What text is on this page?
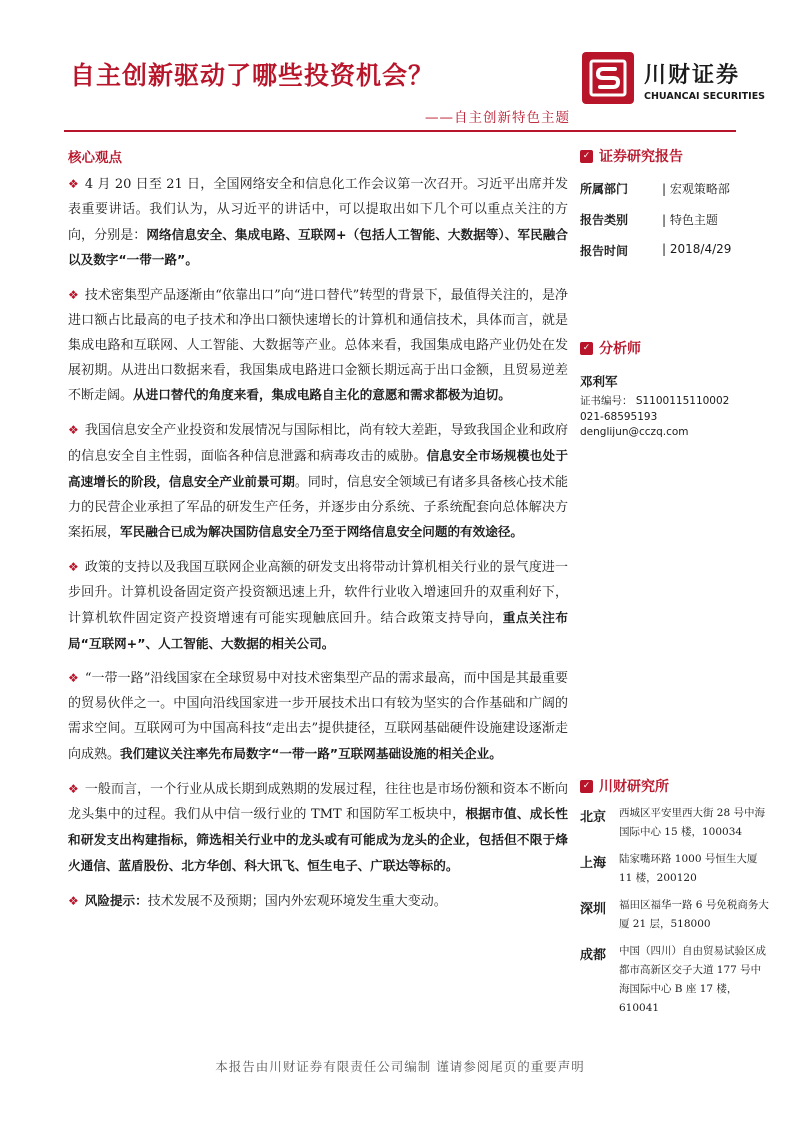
自主创新驱动了哪些投资机会？
——自主创新特色主题
川财证券
CHUANCAI SECURITIES
核心观点
❖ 4 月 20 日至 21 日，全国网络安全和信息化工作会议第一次召开。习近平出席并发表重要讲话。我们认为，从习近平的讲话中，可以提取出如下几个可以重点关注的方向，分别是：网络信息安全、集成电路、互联网+（包括人工智能、大数据等）、军民融合以及数字“一带一路”。
❖ 技术密集型产品逐渐由“依靠出口”向“进口替代”转型的背景下，最值得关注的，是净进口额占比最高的电子技术和净出口额快速增长的计算机和通信技术，具体而言，就是集成电路和互联网、人工智能、大数据等产业。总体来看，我国集成电路产业仍处在发展初期。从进出口数据来看，我国集成电路进口金额长期远高于出口金额，且贸易逆差不断走阔。从进口替代的角度来看，集成电路自主化的意愿和需求都极为迫切。
❖ 我国信息安全产业投资和发展情况与国际相比，尚有较大差距，导致我国企业和政府的信息安全自主性弱，面临各种信息泄露和病毒攻击的威胁。信息安全市场规模也处于高速增长的阶段，信息安全产业前景可期。同时，信息安全领域已有诸多具备核心技术能力的民营企业承担了军品的研发生产任务，并逐步由分系统、子系统配套向总体解决方案拓展，军民融合已成为解决国防信息安全乃至于网络信息安全问题的有效途径。
❖ 政策的支持以及我国互联网企业高额的研发支出将带动计算机相关行业的景气度进一步回升。计算机设备固定资产投资额迅速上升，软件行业收入增速回升的双重利好下，计算机软件固定资产投资增速有可能实现触底回升。结合政策支持导向，重点关注布局“互联网+”、人工智能、大数据的相关公司。
❖ “一带一路”沿线国家在全球贸易中对技术密集型产品的需求最高，而中国是其最重要的贸易伙伴之一。中国向沿线国家进一步开展技术出口有较为坚实的合作基础和广阔的需求空间。互联网可为中国高科技“走出去”提供捷径，互联网基础硬件设施建设逐渐走向成熟。我们建议关注率先布局数字“一带一路”互联网基础设施的相关企业。
❖ 一般而言，一个行业从成长期到成熟期的发展过程，往往也是市场份额和资本不断向龙头集中的过程。我们从中信一级行业的 TMT 和国防军工板块中，根据市值、成长性和研发支出构建指标，筛选相关行业中的龙头或有可能成为龙头的企业，包括但不限于烽火通信、蓝盾股份、北方华创、科大讯飞、恒生电子、广联达等标的。
❖ 风险提示：技术发展不及预期；国内外宏观环境发生重大变动。
✓ 证券研究报告
所属部门	| 宏观策略部
报告类别	| 特色主题
报告时间	| 2018/4/29
✓ 分析师
邓利军
证书编号： S1100115110002
021-68595193
denglijun@cczq.com
✓ 川财研究所
北京	西城区平安里西大街 28 号中海国际中心 15 楼，100034
上海	陆家嘴环路 1000 号恒生大厦 11 楼，200120
深圳	福田区福华一路 6 号免税商务大厦 21 层，518000
成都	中国（四川）自由贸易试验区成都市高新区交子大道 177 号中海国际中心 B 座 17 楼，610041
本报告由川财证券有限责任公司编制 谨请参阅尾页的重要声明
